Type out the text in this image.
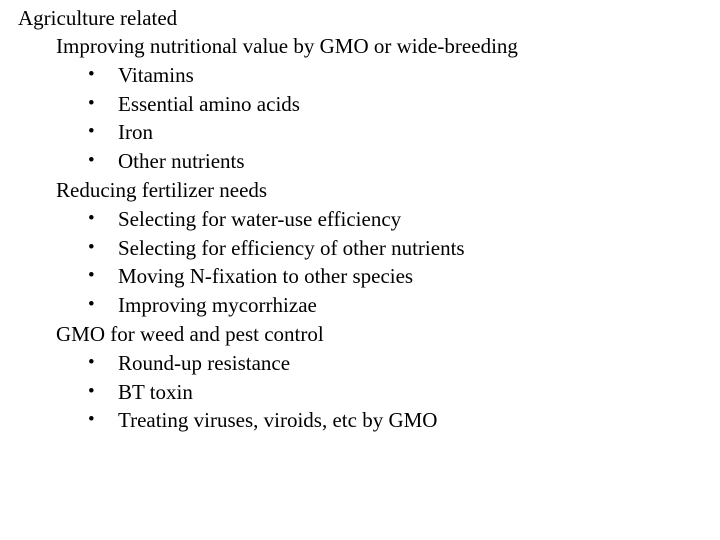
Agriculture related
Improving nutritional value by GMO or wide-breeding
• Vitamins
• Essential amino acids
• Iron
• Other nutrients
Reducing fertilizer needs
• Selecting for water-use efficiency
• Selecting for efficiency of other nutrients
• Moving N-fixation to other species
• Improving mycorrhizae
GMO for weed and pest control
• Round-up resistance
• BT toxin
• Treating viruses, viroids, etc by GMO
